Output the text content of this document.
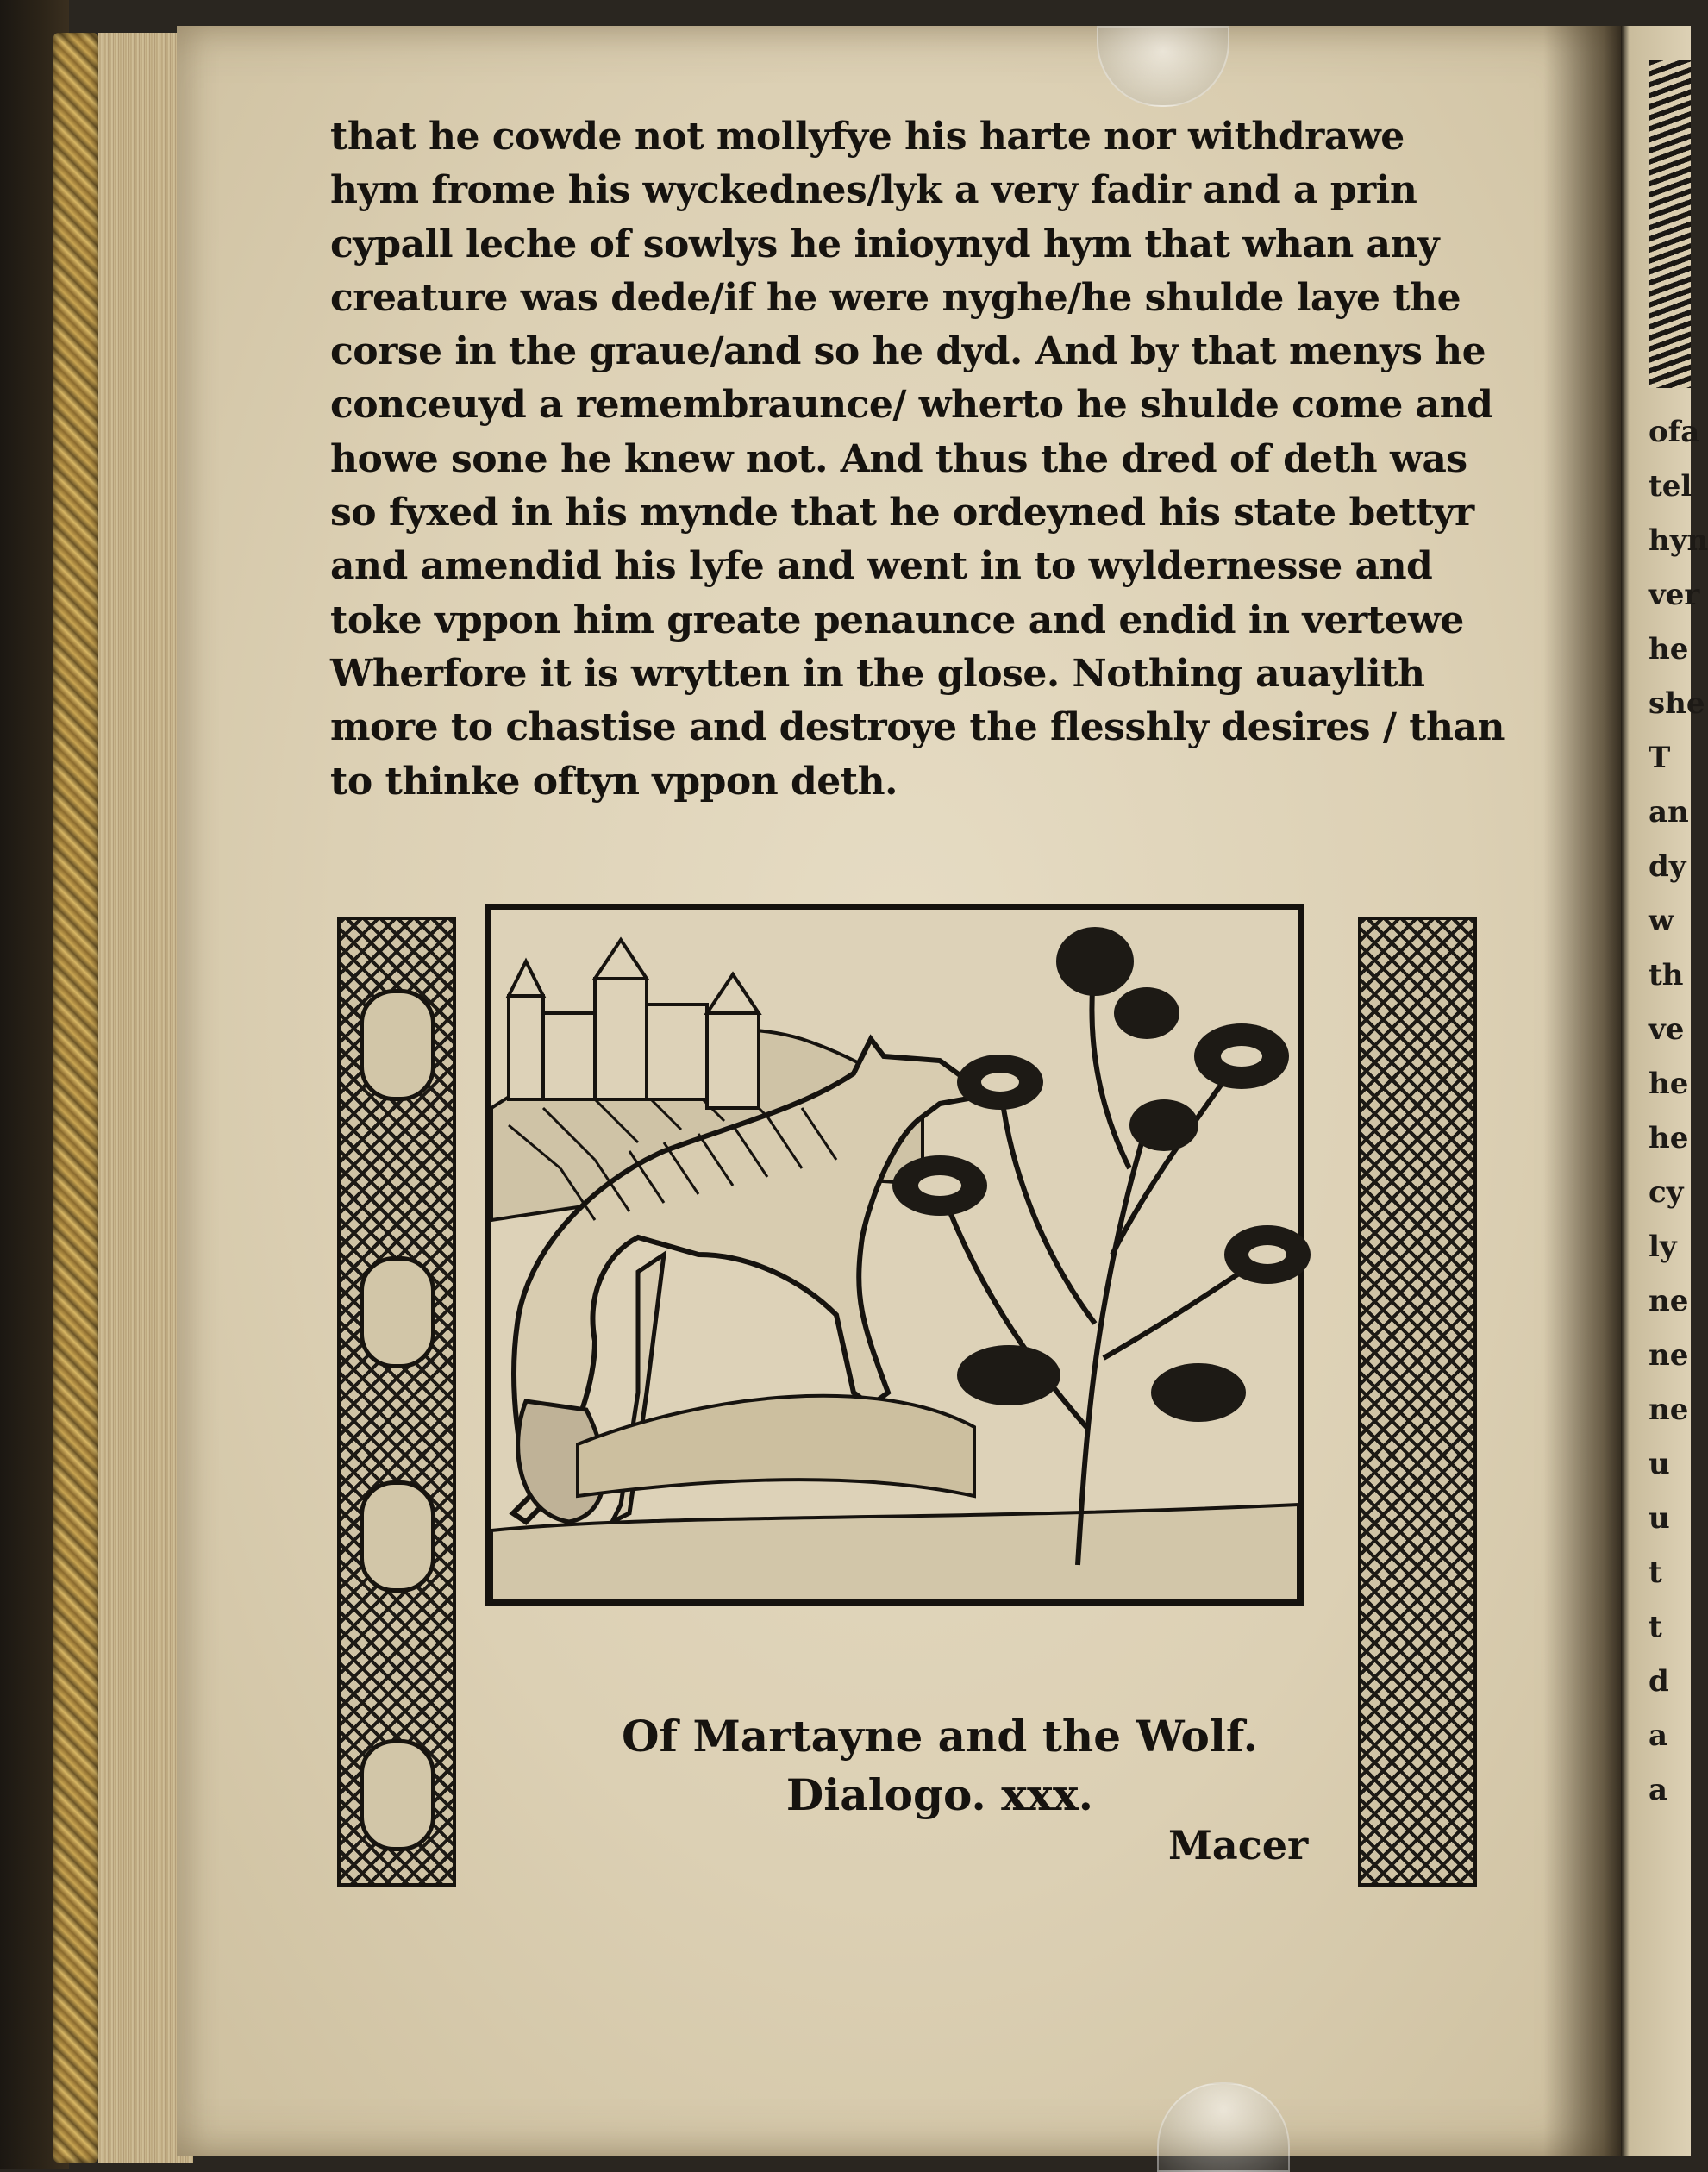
ofa
tel
hyn
ver
he
she
T
an
dy
w
th
ve
he
he
cy
ly
ne
ne
ne
u
u
t
t
d
a
a
that he cowde not mollyfye his harte nor withdrawe
hym frome his wyckednes/lyk a very fadir and a prin
cypall leche of sowlys he inioynyd hym that whan any
creature was dede/if he were nyghe/he shulde laye the
corse in the graue/and so he dyd. And by that menys he
conceuyd a remembraunce/ wherto he shulde come and
howe sone he knew not. And thus the dred of deth was
so fyxed in his mynde that he ordeyned his state bettyr
and amendid his lyfe and went in to wyldernesse and
toke vppon him greate penaunce and endid in vertewe
Wherfore it is wrytten in the glose. Nothing auaylith
more to chastise and destroye the flesshly desires / than
to thinke oftyn vppon deth.
Of Martayne and the Wolf.
Dialogo. xxx.
Macer
